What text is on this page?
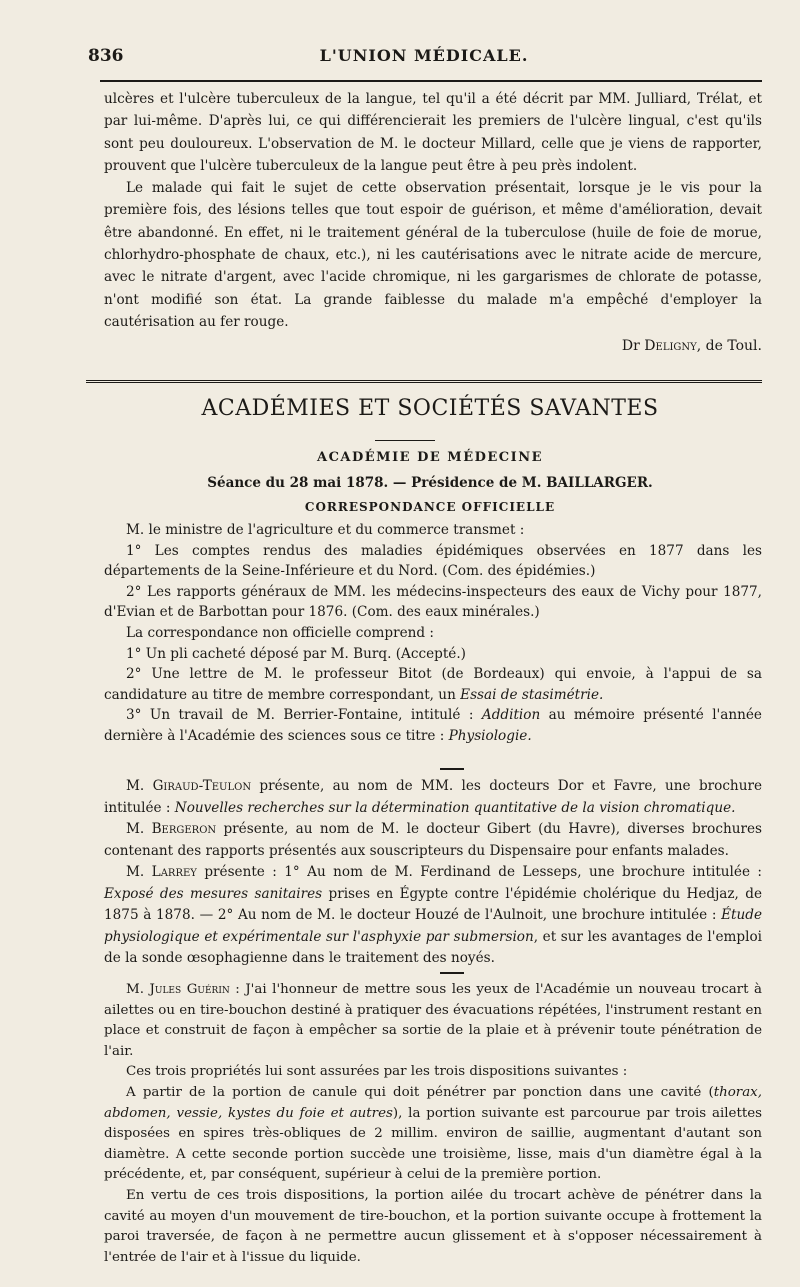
836	L'UNION MÉDICALE.

ulcères et l'ulcère tuberculeux de la langue, tel qu'il a été décrit par MM. Julliard, Trélat, et par lui-même. D'après lui, ce qui différencierait les premiers de l'ulcère lingual, c'est qu'ils sont peu douloureux. L'observation de M. le docteur Millard, celle que je viens de rapporter, prouvent que l'ulcère tuberculeux de la langue peut être à peu près indolent.

Le malade qui fait le sujet de cette observation présentait, lorsque je le vis pour la première fois, des lésions telles que tout espoir de guérison, et même d'amélioration, devait être abandonné. En effet, ni le traitement général de la tuberculose (huile de foie de morue, chlorhydro-phosphate de chaux, etc.), ni les cautérisations avec le nitrate acide de mercure, avec le nitrate d'argent, avec l'acide chromique, ni les gargarismes de chlorate de potasse, n'ont modifié son état. La grande faiblesse du malade m'a empêché d'employer la cautérisation au fer rouge.

Dr Deligny, de Toul.

ACADÉMIES ET SOCIÉTÉS SAVANTES
ACADÉMIE DE MÉDECINE
Séance du 28 mai 1878. — Présidence de M. BAILLARGER.
CORRESPONDANCE OFFICIELLE

M. le ministre de l'agriculture et du commerce transmet :

1° Les comptes rendus des maladies épidémiques observées en 1877 dans les départements de la Seine-Inférieure et du Nord. (Com. des épidémies.)

2° Les rapports généraux de MM. les médecins-inspecteurs des eaux de Vichy pour 1877, d'Evian et de Barbottan pour 1876. (Com. des eaux minérales.)

La correspondance non officielle comprend :

1° Un pli cacheté déposé par M. Burq. (Accepté.)

2° Une lettre de M. le professeur Bitot (de Bordeaux) qui envoie, à l'appui de sa candidature au titre de membre correspondant, un Essai de stasimétrie.

3° Un travail de M. Berrier-Fontaine, intitulé : Addition au mémoire présenté l'année dernière à l'Académie des sciences sous ce titre : Physiologie.

M. Giraud-Teulon présente, au nom de MM. les docteurs Dor et Favre, une brochure intitulée : Nouvelles recherches sur la détermination quantitative de la vision chromatique.

M. Bergeron présente, au nom de M. le docteur Gibert (du Havre), diverses brochures contenant des rapports présentés aux souscripteurs du Dispensaire pour enfants malades.

M. Larrey présente : 1° Au nom de M. Ferdinand de Lesseps, une brochure intitulée : Exposé des mesures sanitaires prises en Égypte contre l'épidémie cholérique du Hedjaz, de 1875 à 1878. — 2° Au nom de M. le docteur Houzé de l'Aulnoit, une brochure intitulée : Étude physiologique et expérimentale sur l'asphyxie par submersion, et sur les avantages de l'emploi de la sonde œsophagienne dans le traitement des noyés.

M. Jules Guérin : J'ai l'honneur de mettre sous les yeux de l'Académie un nouveau trocart à ailettes ou en tire-bouchon destiné à pratiquer des évacuations répétées, l'instrument restant en place et construit de façon à empêcher sa sortie de la plaie et à prévenir toute pénétration de l'air.

Ces trois propriétés lui sont assurées par les trois dispositions suivantes :

A partir de la portion de canule qui doit pénétrer par ponction dans une cavité (thorax, abdomen, vessie, kystes du foie et autres), la portion suivante est parcourue par trois ailettes disposées en spires très-obliques de 2 millim. environ de saillie, augmentant d'autant son diamètre. A cette seconde portion succède une troisième, lisse, mais d'un diamètre égal à la précédente, et, par conséquent, supérieur à celui de la première portion.

En vertu de ces trois dispositions, la portion ailée du trocart achève de pénétrer dans la cavité au moyen d'un mouvement de tire-bouchon, et la portion suivante occupe à frottement la paroi traversée, de façon à ne permettre aucun glissement et à s'opposer nécessairement à l'entrée de l'air et à l'issue du liquide.
